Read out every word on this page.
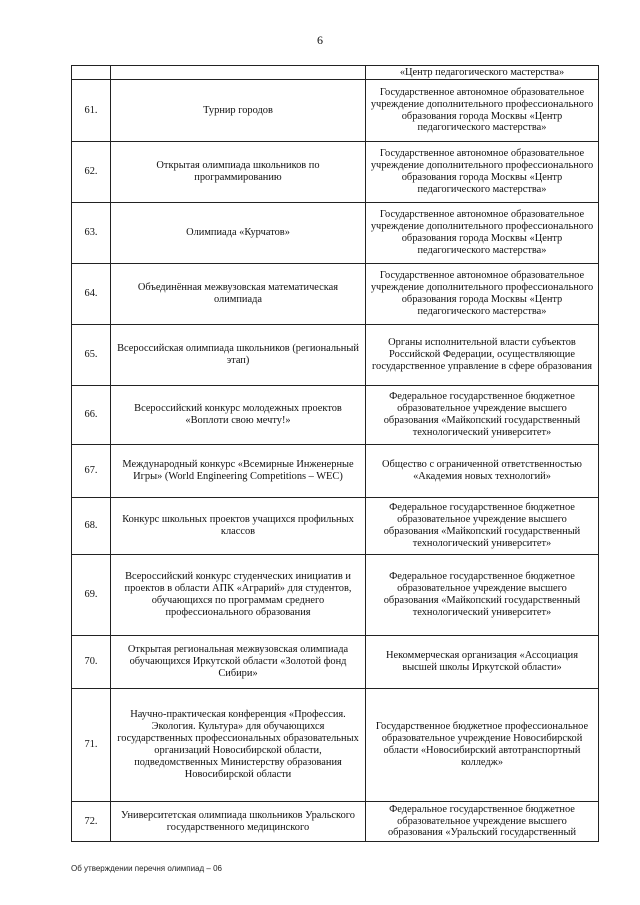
6
		«Центр педагогического мастерства»
61.	Турнир городов	Государственное автономное образовательное учреждение дополнительного профессионального образования города Москвы «Центр педагогического мастерства»
62.	Открытая олимпиада школьников по программированию	Государственное автономное образовательное учреждение дополнительного профессионального образования города Москвы «Центр педагогического мастерства»
63.	Олимпиада «Курчатов»	Государственное автономное образовательное учреждение дополнительного профессионального образования города Москвы «Центр педагогического мастерства»
64.	Объединённая межвузовская математическая олимпиада	Государственное автономное образовательное учреждение дополнительного профессионального образования города Москвы «Центр педагогического мастерства»
65.	Всероссийская олимпиада школьников (региональный этап)	Органы исполнительной власти субъектов Российской Федерации, осуществляющие государственное управление в сфере образования
66.	Всероссийский конкурс молодежных проектов «Воплоти свою мечту!»	Федеральное государственное бюджетное образовательное учреждение высшего образования «Майкопский государственный технологический университет»
67.	Международный конкурс «Всемирные Инженерные Игры» (World Engineering Competitions – WEC)	Общество с ограниченной ответственностью «Академия новых технологий»
68.	Конкурс школьных проектов учащихся профильных классов	Федеральное государственное бюджетное образовательное учреждение высшего образования «Майкопский государственный технологический университет»
69.	Всероссийский конкурс студенческих инициатив и проектов в области АПК «Аграрий» для студентов, обучающихся по программам среднего профессионального образования	Федеральное государственное бюджетное образовательное учреждение высшего образования «Майкопский государственный технологический университет»
70.	Открытая региональная межвузовская олимпиада обучающихся Иркутской области «Золотой фонд Сибири»	Некоммерческая организация «Ассоциация высшей школы Иркутской области»
71.	Научно-практическая конференция «Профессия. Экология. Культура» для обучающихся государственных профессиональных образовательных организаций Новосибирской области, подведомственных Министерству образования Новосибирской области	Государственное бюджетное профессиональное образовательное учреждение Новосибирской области «Новосибирский автотранспортный колледж»
72.	Университетская олимпиада школьников Уральского государственного медицинского	Федеральное государственное бюджетное образовательное учреждение высшего образования «Уральский государственный
Об утверждении перечня олимпиад – 06
